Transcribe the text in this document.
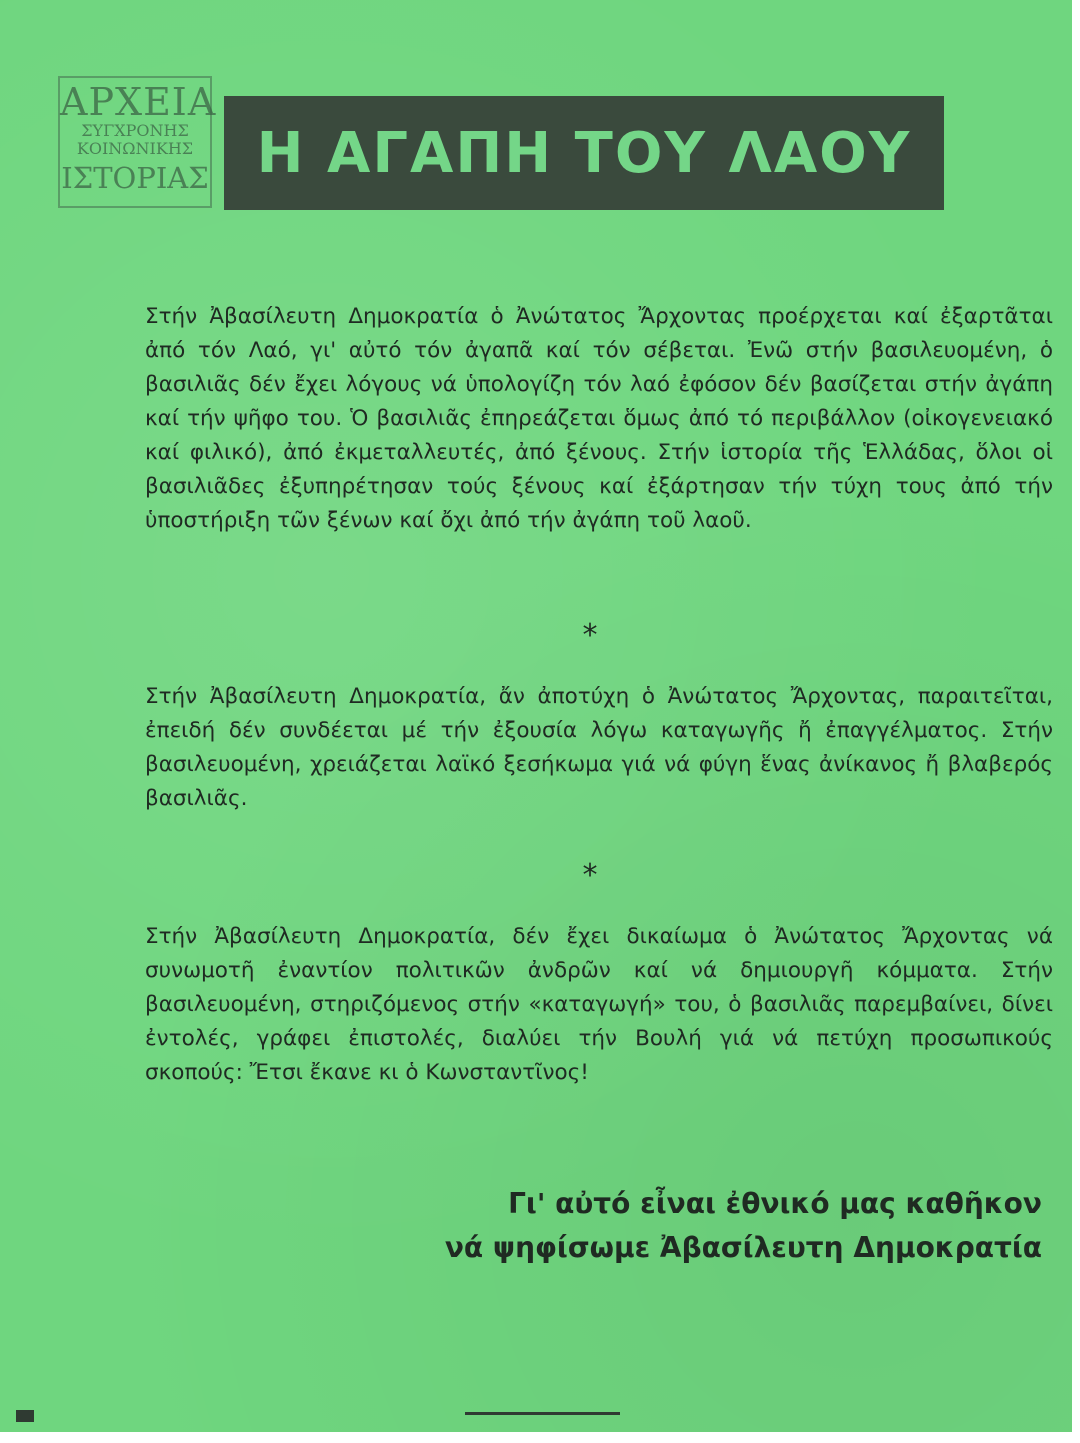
ΑΡΧΕΙΑ
ΣΥΓΧΡΟΝΗΣ
ΚΟΙΝΩΝΙΚΗΣ
ΙΣΤΟΡΙΑΣ Η ΑΓΑΠΗ ΤΟΥ ΛΑΟΥ

Στήν Ἀβασίλευτη Δημοκρατία ὁ Ἀνώτατος Ἄρχοντας προέρχεται καί ἐξαρτᾶται ἀπό τόν Λαό, γι' αὐτό τόν ἀγαπᾶ καί τόν σέβεται. Ἐνῶ στήν βασιλευομένη, ὁ βασιλιᾶς δέν ἔχει λόγους νά ὑπολογίζη τόν λαό ἐφόσον δέν βασίζεται στήν ἀγάπη καί τήν ψῆφο του. Ὁ βασιλιᾶς ἐπηρεάζεται ὅμως ἀπό τό περιβάλλον (οἰκογενειακό καί φιλικό), ἀπό ἐκμεταλλευτές, ἀπό ξένους. Στήν ἱστορία τῆς Ἑλλάδας, ὅλοι οἱ βασιλιᾶδες ἐξυπηρέτησαν τούς ξένους καί ἐξάρτησαν τήν τύχη τους ἀπό τήν ὑποστήριξη τῶν ξένων καί ὄχι ἀπό τήν ἀγάπη τοῦ λαοῦ.

*

Στήν Ἀβασίλευτη Δημοκρατία, ἄν ἀποτύχη ὁ Ἀνώτατος Ἄρχοντας, παραιτεῖται, ἐπειδή δέν συνδέεται μέ τήν ἐξουσία λόγω καταγωγῆς ἤ ἐπαγγέλματος. Στήν βασιλευομένη, χρειάζεται λαϊκό ξεσήκωμα γιά νά φύγη ἕνας ἀνίκανος ἤ βλαβερός βασιλιᾶς.

*

Στήν Ἀβασίλευτη Δημοκρατία, δέν ἔχει δικαίωμα ὁ Ἀνώτατος Ἄρχοντας νά συνωμοτῆ ἐναντίον πολιτικῶν ἀνδρῶν καί νά δημιουργῆ κόμματα. Στήν βασιλευομένη, στηριζόμενος στήν «καταγωγή» του, ὁ βασιλιᾶς παρεμβαίνει, δίνει ἐντολές, γράφει ἐπιστολές, διαλύει τήν Βουλή γιά νά πετύχη προσωπικούς σκοπούς: Ἔτσι ἔκανε κι ὁ Κωνσταντῖνος!

Γι' αὐτό εἶναι ἐθνικό μας καθῆκον
νά ψηφίσωμε Ἀβασίλευτη Δημοκρατία
